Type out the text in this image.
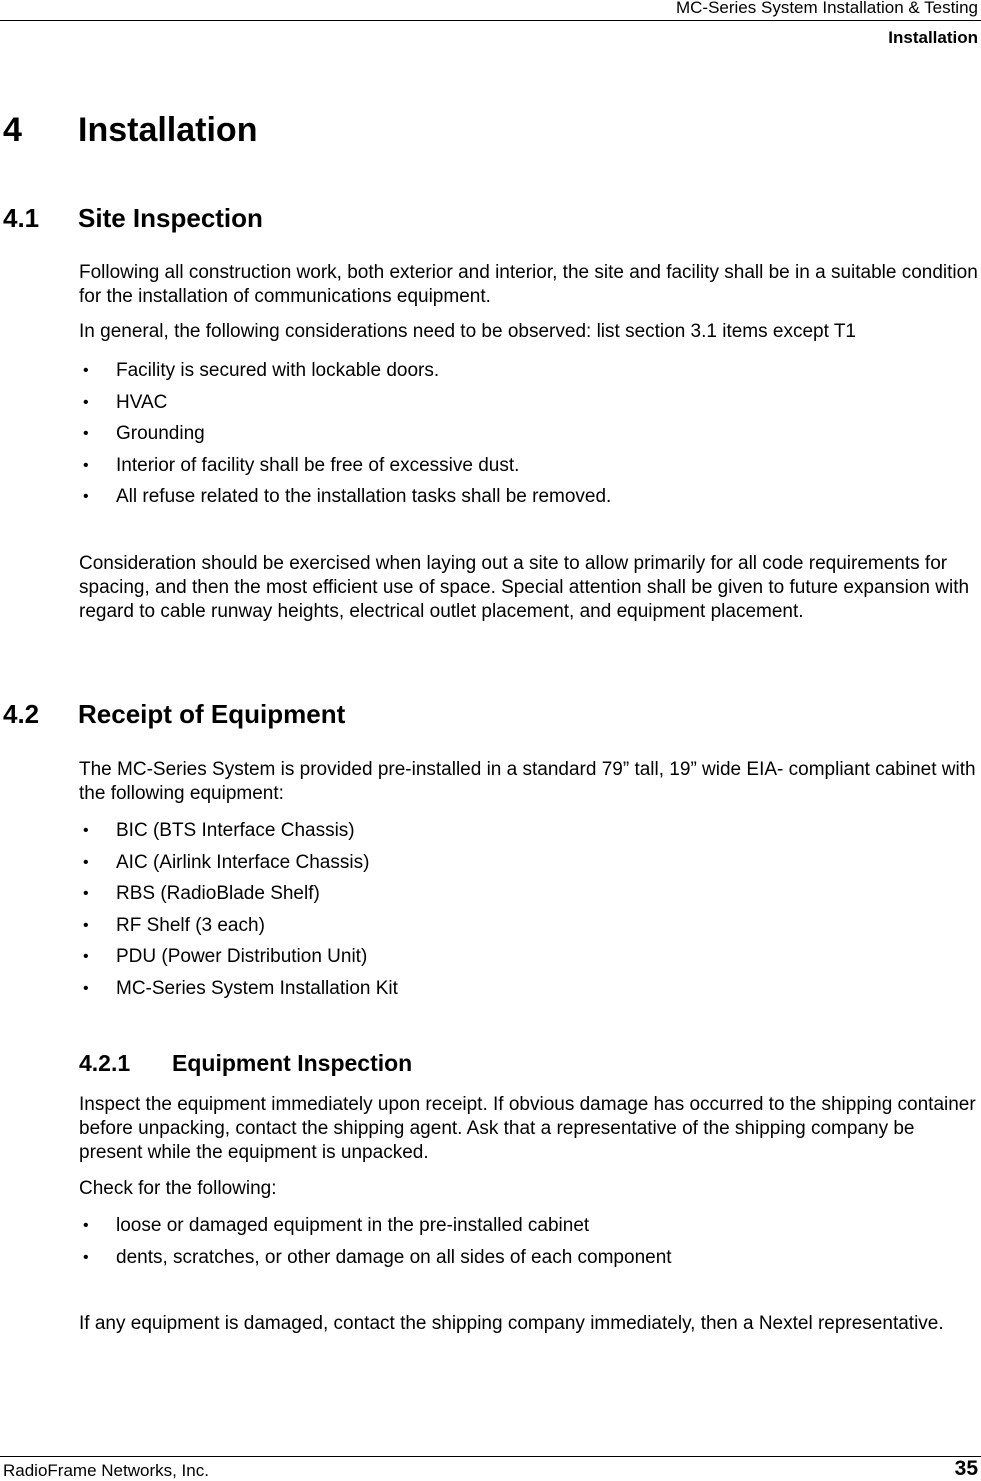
MC-Series System Installation & Testing
Installation
4 Installation
4.1 Site Inspection

Following all construction work, both exterior and interior, the site and facility shall be in a suitable condition for the installation of communications equipment.

In general, the following considerations need to be observed: list section 3.1 items except T1

• Facility is secured with lockable doors.
• HVAC
• Grounding
• Interior of facility shall be free of excessive dust.
• All refuse related to the installation tasks shall be removed.

Consideration should be exercised when laying out a site to allow primarily for all code requirements for spacing, and then the most efficient use of space. Special attention shall be given to future expansion with regard to cable runway heights, electrical outlet placement, and equipment placement.

4.2 Receipt of Equipment

The MC-Series System is provided pre-installed in a standard 79” tall, 19” wide EIA- compliant cabinet with the following equipment:

• BIC (BTS Interface Chassis)
• AIC (Airlink Interface Chassis)
• RBS (RadioBlade Shelf)
• RF Shelf (3 each)
• PDU (Power Distribution Unit)
• MC-Series System Installation Kit
4.2.1 Equipment Inspection

Inspect the equipment immediately upon receipt. If obvious damage has occurred to the shipping container before unpacking, contact the shipping agent. Ask that a representative of the shipping company be present while the equipment is unpacked.

Check for the following:

• loose or damaged equipment in the pre-installed cabinet
• dents, scratches, or other damage on all sides of each component

If any equipment is damaged, contact the shipping company immediately, then a Nextel representative.

RadioFrame Networks, Inc.	35
